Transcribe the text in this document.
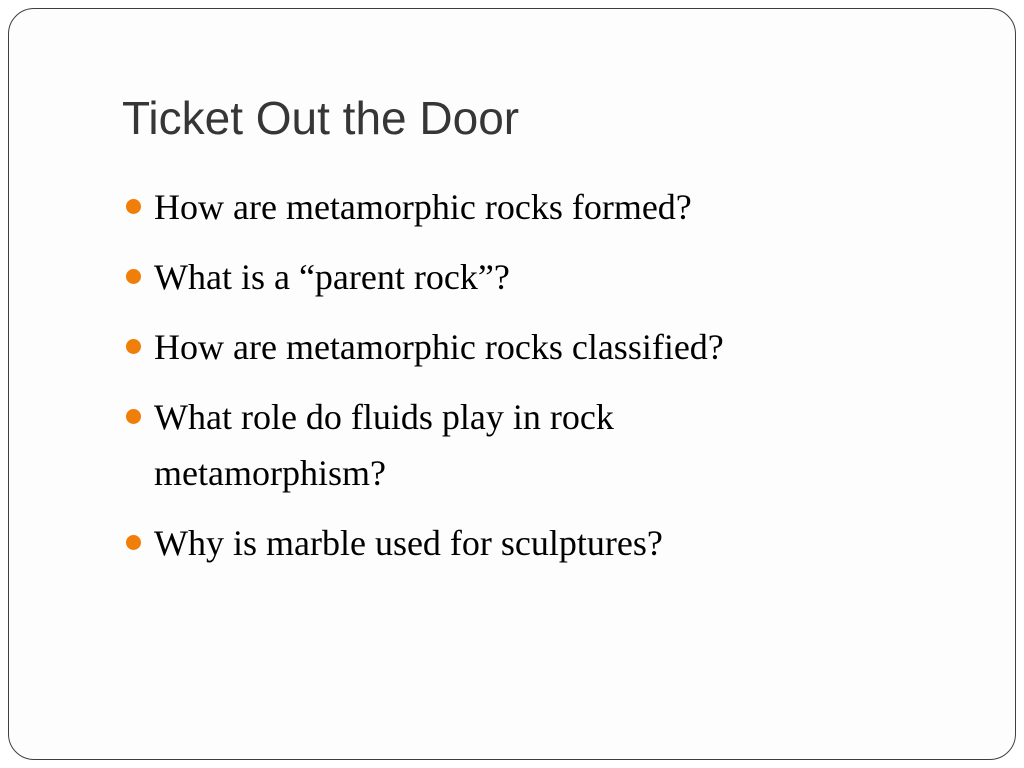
Ticket Out the Door
How are metamorphic rocks formed?
What is a “parent rock”?
How are metamorphic rocks classified?
What role do fluids play in rock metamorphism?
Why is marble used for sculptures?
